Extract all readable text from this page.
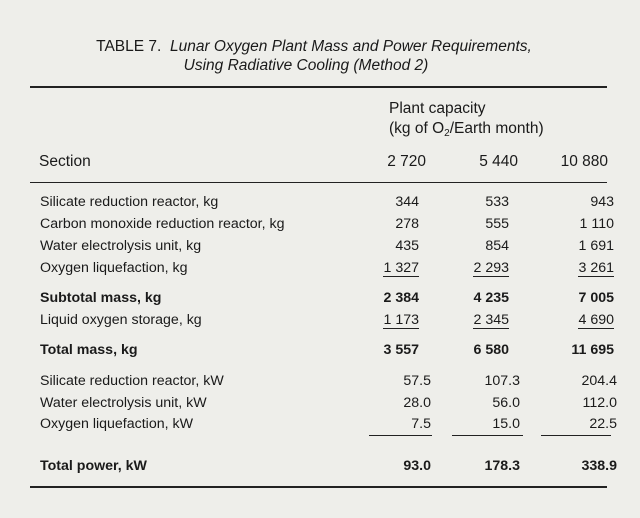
TABLE 7. Lunar Oxygen Plant Mass and Power Requirements,
Using Radiative Cooling (Method 2)
Plant capacity
(kg of $O_2$/Earth month)
Section	2 720	5 440	10 880
Silicate reduction reactor, kg	344	533	943
Carbon monoxide reduction reactor, kg	278	555	1 110
Water electrolysis unit, kg	435	854	1 691
Oxygen liquefaction, kg	1 327	2 293	3 261
Subtotal mass, kg	2 384	4 235	7 005
Liquid oxygen storage, kg	1 173	2 345	4 690
Total mass, kg	3 557	6 580	11 695
Silicate reduction reactor, kW	57.5	107.3	204.4
Water electrolysis unit, kW	28.0	56.0	112.0
Oxygen liquefaction, kW	7.5	15.0	22.5
Total power, kW	93.0	178.3	338.9
